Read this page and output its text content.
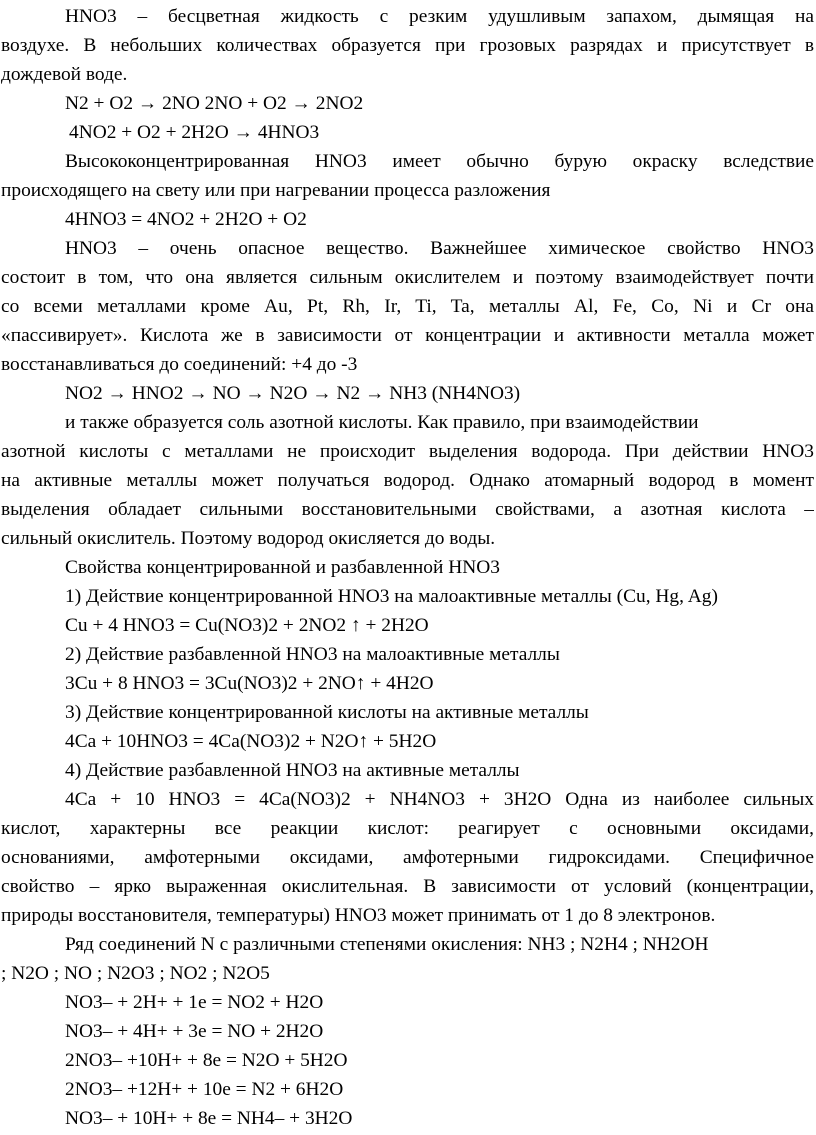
HNO3 – бесцветная жидкость с резким удушливым запахом, дымящая на
воздухе. В небольших количествах образуется при грозовых разрядах и присутствует в
дождевой воде.
N2 + O2 → 2NO 2NO + O2 → 2NO2
4NO2 + O2 + 2H2O → 4HNO3
Высококонцентрированная HNO3 имеет обычно бурую окраску вследствие
происходящего на свету или при нагревании процесса разложения
4HNO3 = 4NO2 + 2H2O + O2
HNO3 – очень опасное вещество. Важнейшее химическое свойство HNO3
состоит в том, что она является сильным окислителем и поэтому взаимодействует почти
со всеми металлами кроме Au, Pt, Rh, Ir, Ti, Ta, металлы Al, Fe, Co, Ni и Cr она
«пассивирует». Кислота же в зависимости от концентрации и активности металла может
восстанавливаться до соединений: +4 до -3
NO2 → HNO2 → NO → N2O → N2 → NH3 (NH4NO3)
и также образуется соль азотной кислоты. Как правило, при взаимодействии
азотной кислоты с металлами не происходит выделения водорода. При действии HNO3
на активные металлы может получаться водород. Однако атомарный водород в момент
выделения обладает сильными восстановительными свойствами, а азотная кислота –
сильный окислитель. Поэтому водород окисляется до воды.
Свойства концентрированной и разбавленной HNO3
1) Действие концентрированной HNO3 на малоактивные металлы (Cu, Hg, Ag)
Cu + 4 HNO3 = Cu(NO3)2 + 2NO2 ↑ + 2H2O
2) Действие разбавленной HNO3 на малоактивные металлы
3Cu + 8 HNO3 = 3Cu(NO3)2 + 2NO↑ + 4H2O
3) Действие концентрированной кислоты на активные металлы
4Ca + 10HNO3 = 4Ca(NO3)2 + N2O↑ + 5H2O
4) Действие разбавленной HNO3 на активные металлы
4Ca + 10 HNO3 = 4Ca(NO3)2 + NH4NO3 + 3H2O Одна из наиболее сильных
кислот, характерны все реакции кислот: реагирует с основными оксидами,
основаниями, амфотерными оксидами, амфотерными гидроксидами. Специфичное
свойство – ярко выраженная окислительная. В зависимости от условий (концентрации,
природы восстановителя, температуры) HNO3 может принимать от 1 до 8 электронов.
Ряд соединений N с различными степенями окисления: NH3 ; N2H4 ; NH2OH
; N2O ; NO ; N2O3 ; NO2 ; N2O5
NO3– + 2H+ + 1e = NO2 + H2O
NO3– + 4H+ + 3e = NO + 2H2O
2NO3– +10H+ + 8e = N2O + 5H2O
2NO3– +12H+ + 10e = N2 + 6H2O
NO3– + 10H+ + 8e = NH4– + 3H2O
